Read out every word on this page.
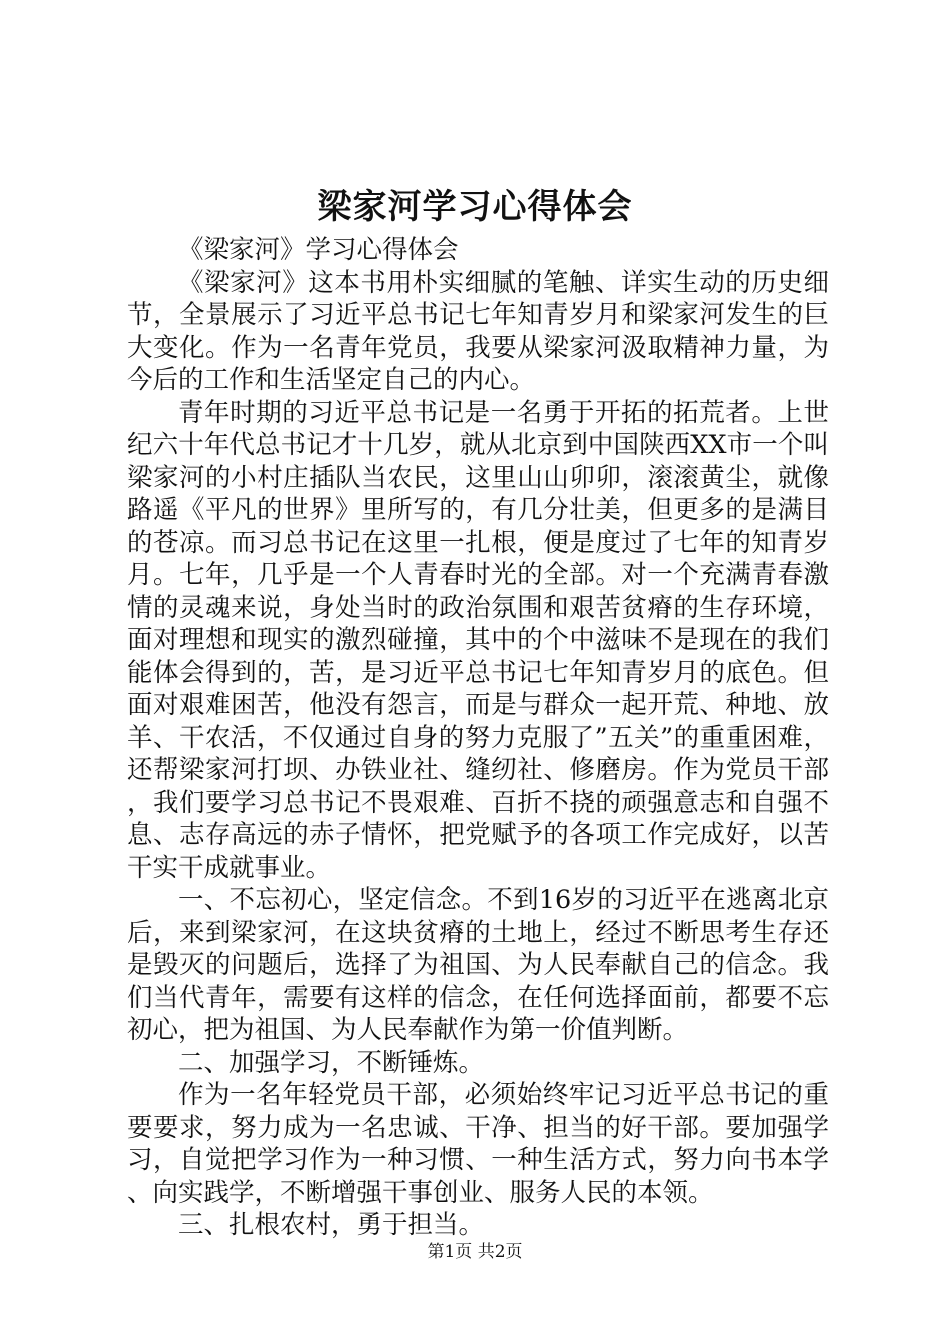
梁家河学习心得体会

《梁家河》学习心得体会

《梁家河》这本书用朴实细腻的笔触、详实生动的历史细节，全景展示了习近平总书记七年知青岁月和梁家河发生的巨大变化。作为一名青年党员，我要从梁家河汲取精神力量，为今后的工作和生活坚定自己的内心。

青年时期的习近平总书记是一名勇于开拓的拓荒者。上世纪六十年代总书记才十几岁，就从北京到中国陕西XX市一个叫梁家河的小村庄插队当农民，这里山山卯卯，滚滚黄尘，就像路遥《平凡的世界》里所写的，有几分壮美，但更多的是满目的苍凉。而习总书记在这里一扎根，便是度过了七年的知青岁月。七年，几乎是一个人青春时光的全部。对一个充满青春激情的灵魂来说，身处当时的政治氛围和艰苦贫瘠的生存环境，面对理想和现实的激烈碰撞，其中的个中滋味不是现在的我们能体会得到的，苦，是习近平总书记七年知青岁月的底色。但面对艰难困苦，他没有怨言，而是与群众一起开荒、种地、放羊、干农活，不仅通过自身的努力克服了”五关”的重重困难，还帮梁家河打坝、办铁业社、缝纫社、修磨房。作为党员干部，我们要学习总书记不畏艰难、百折不挠的顽强意志和自强不息、志存高远的赤子情怀，把党赋予的各项工作完成好，以苦干实干成就事业。

一、不忘初心，坚定信念。不到16岁的习近平在逃离北京后，来到梁家河，在这块贫瘠的土地上，经过不断思考生存还是毁灭的问题后，选择了为祖国、为人民奉献自己的信念。我们当代青年，需要有这样的信念，在任何选择面前，都要不忘初心，把为祖国、为人民奉献作为第一价值判断。

二、加强学习，不断锤炼。

作为一名年轻党员干部，必须始终牢记习近平总书记的重要要求，努力成为一名忠诚、干净、担当的好干部。要加强学习，自觉把学习作为一种习惯、一种生活方式，努力向书本学、向实践学，不断增强干事创业、服务人民的本领。

三、扎根农村，勇于担当。

第1页 共2页
